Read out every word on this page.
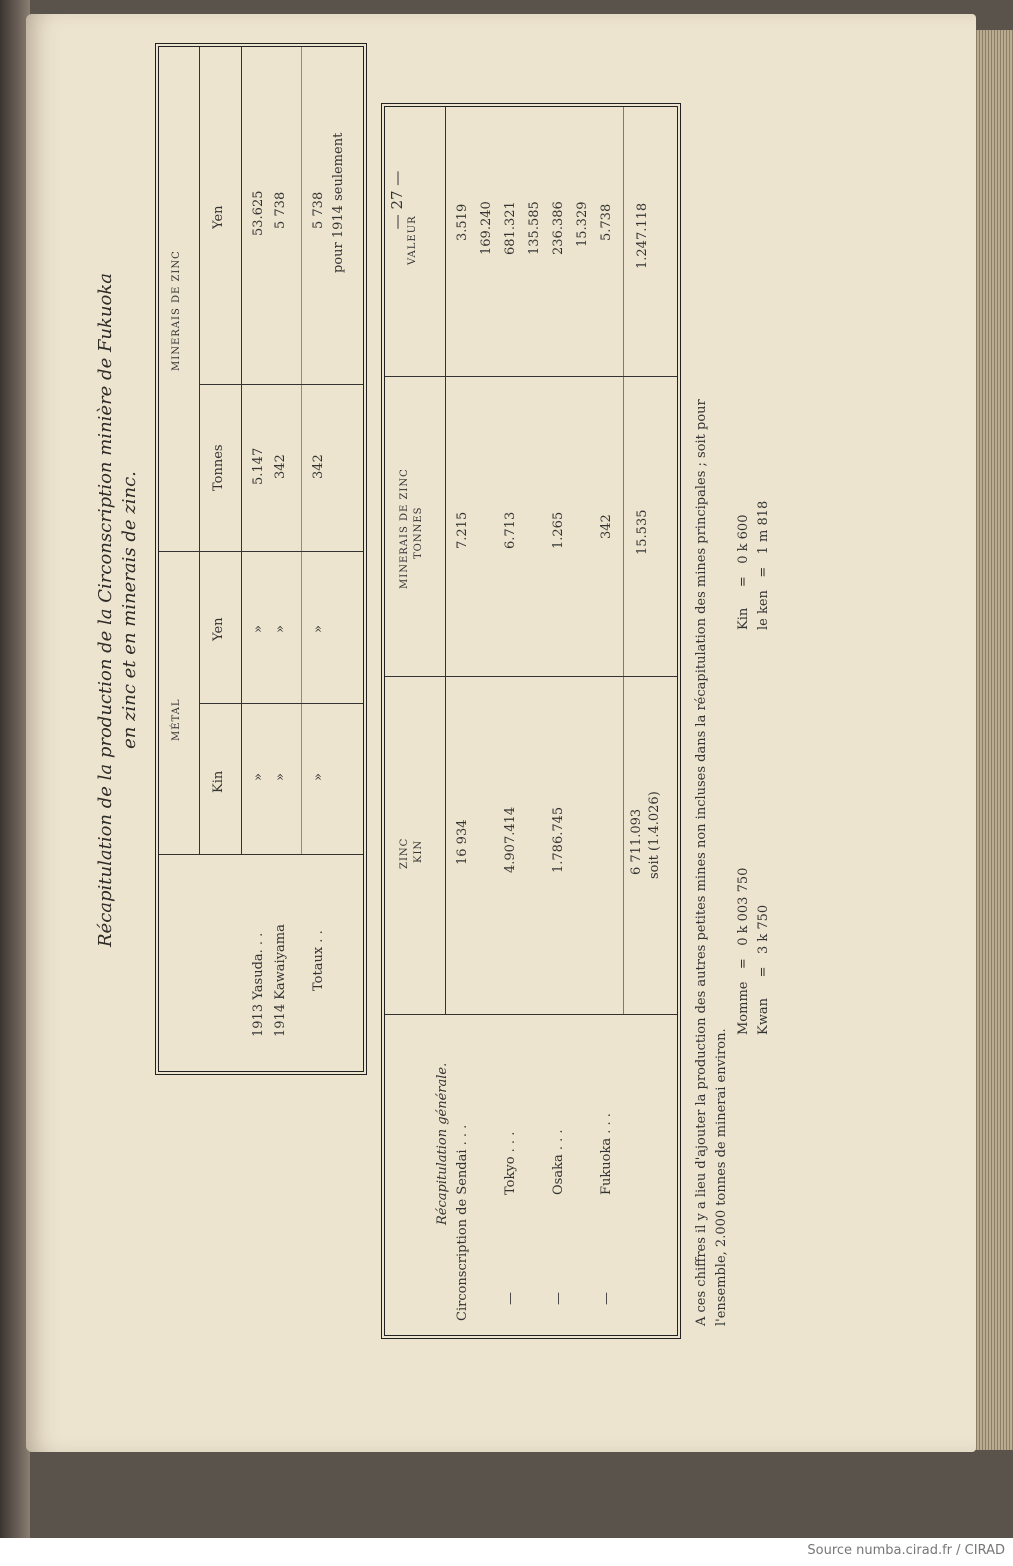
— 27 —
Récapitulation de la production de la Circonscription minière de Fukuoka en zinc et en minerais de zinc.	MÉTAL
MINERAIS DE ZINC
Kin
Yen
Tonnes
Yen
1913 Yasuda. . .
»
»
5.147
53.625
1914 Kawaiyama
»
»
342
5 738
Totaux . .
»
»
342
5 738 pour 1914 seulement
ZINC KIN
MINERAIS DE ZINC TONNES
VALEUR
Récapitulation générale. Circonscription de Sendai . . .
16 934
7.215
3.519 169.240
—
Tokyo . . .
4.907.414
6.713
681.321 135.585
—
Osaka . . .
1.786.745
1.265
236.386 15.329
—
Fukuoka . . .
342
5.738
6 711.093 soit (1.4.026)
15.535
1.247.118
A ces chiffres il y a lieu d'ajouter la production des autres petites mines non incluses dans la récapitulation des mines principales ; soit pour l'ensemble, 2.000 tonnes de minerai environ.
Momme   =   0 k 003 750
Kwan     =   3 k 750
Kin     =   0 k 600
le ken   =   1 m 818
Source numba.cirad.fr / CIRAD
